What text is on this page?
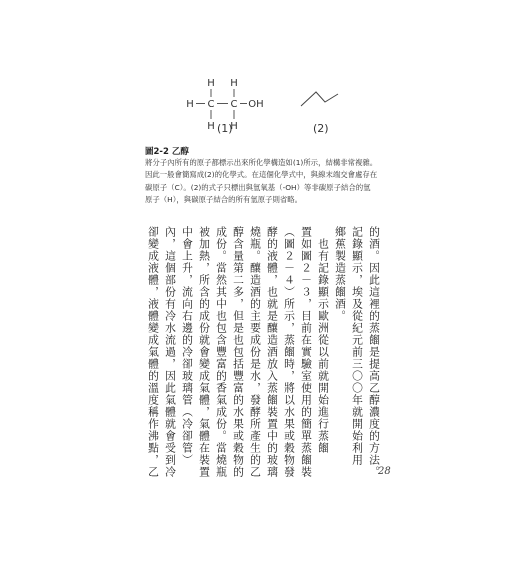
H H
H C C OH
H H
(1)	(2)
圖2-2 乙醇
將分子內所有的原子都標示出來所化學構造如(1)所示，結構非常複雜。
因此一般會簡寫成(2)的化學式。在這個化學式中，與線末端交會處存在
碳原子（C）。(2)的式子只標出與氫氧基（-OH）等非碳原子結合的氫
原子（H），與碳原子結合的所有氫原子則省略。
的酒。因此這裡的蒸餾是提高乙醇濃度的方法。
記錄顯示，埃及從紀元前三〇〇年就開始利用
鄉蕉製造蒸餾酒。
　也有記錄顯示歐洲從以前就開始進行蒸餾
置如圖２－３，目前在實驗室使用的簡單蒸餾裝
（圖２－４）所示，蒸餾時，將以水果或穀物發
酵的液體，也就是釀造酒放入蒸餾裝置中的玻璃
燒瓶。釀造酒的主要成份是水，發酵所產生的乙
醇含量第二多，但是也包括豐富的水果或穀物的
成份。當然其中也包含豐富的香氣成份。當燒瓶
被加熱，所含的成份就會變成氣體，氣體在裝置
中會上升，流向右邊的冷卻玻璃管（冷卻管）
內，這個部份有冷水流過，因此氣體就會受到冷
卻變成液體，液體變成氣體的溫度稱作沸點，乙	28
